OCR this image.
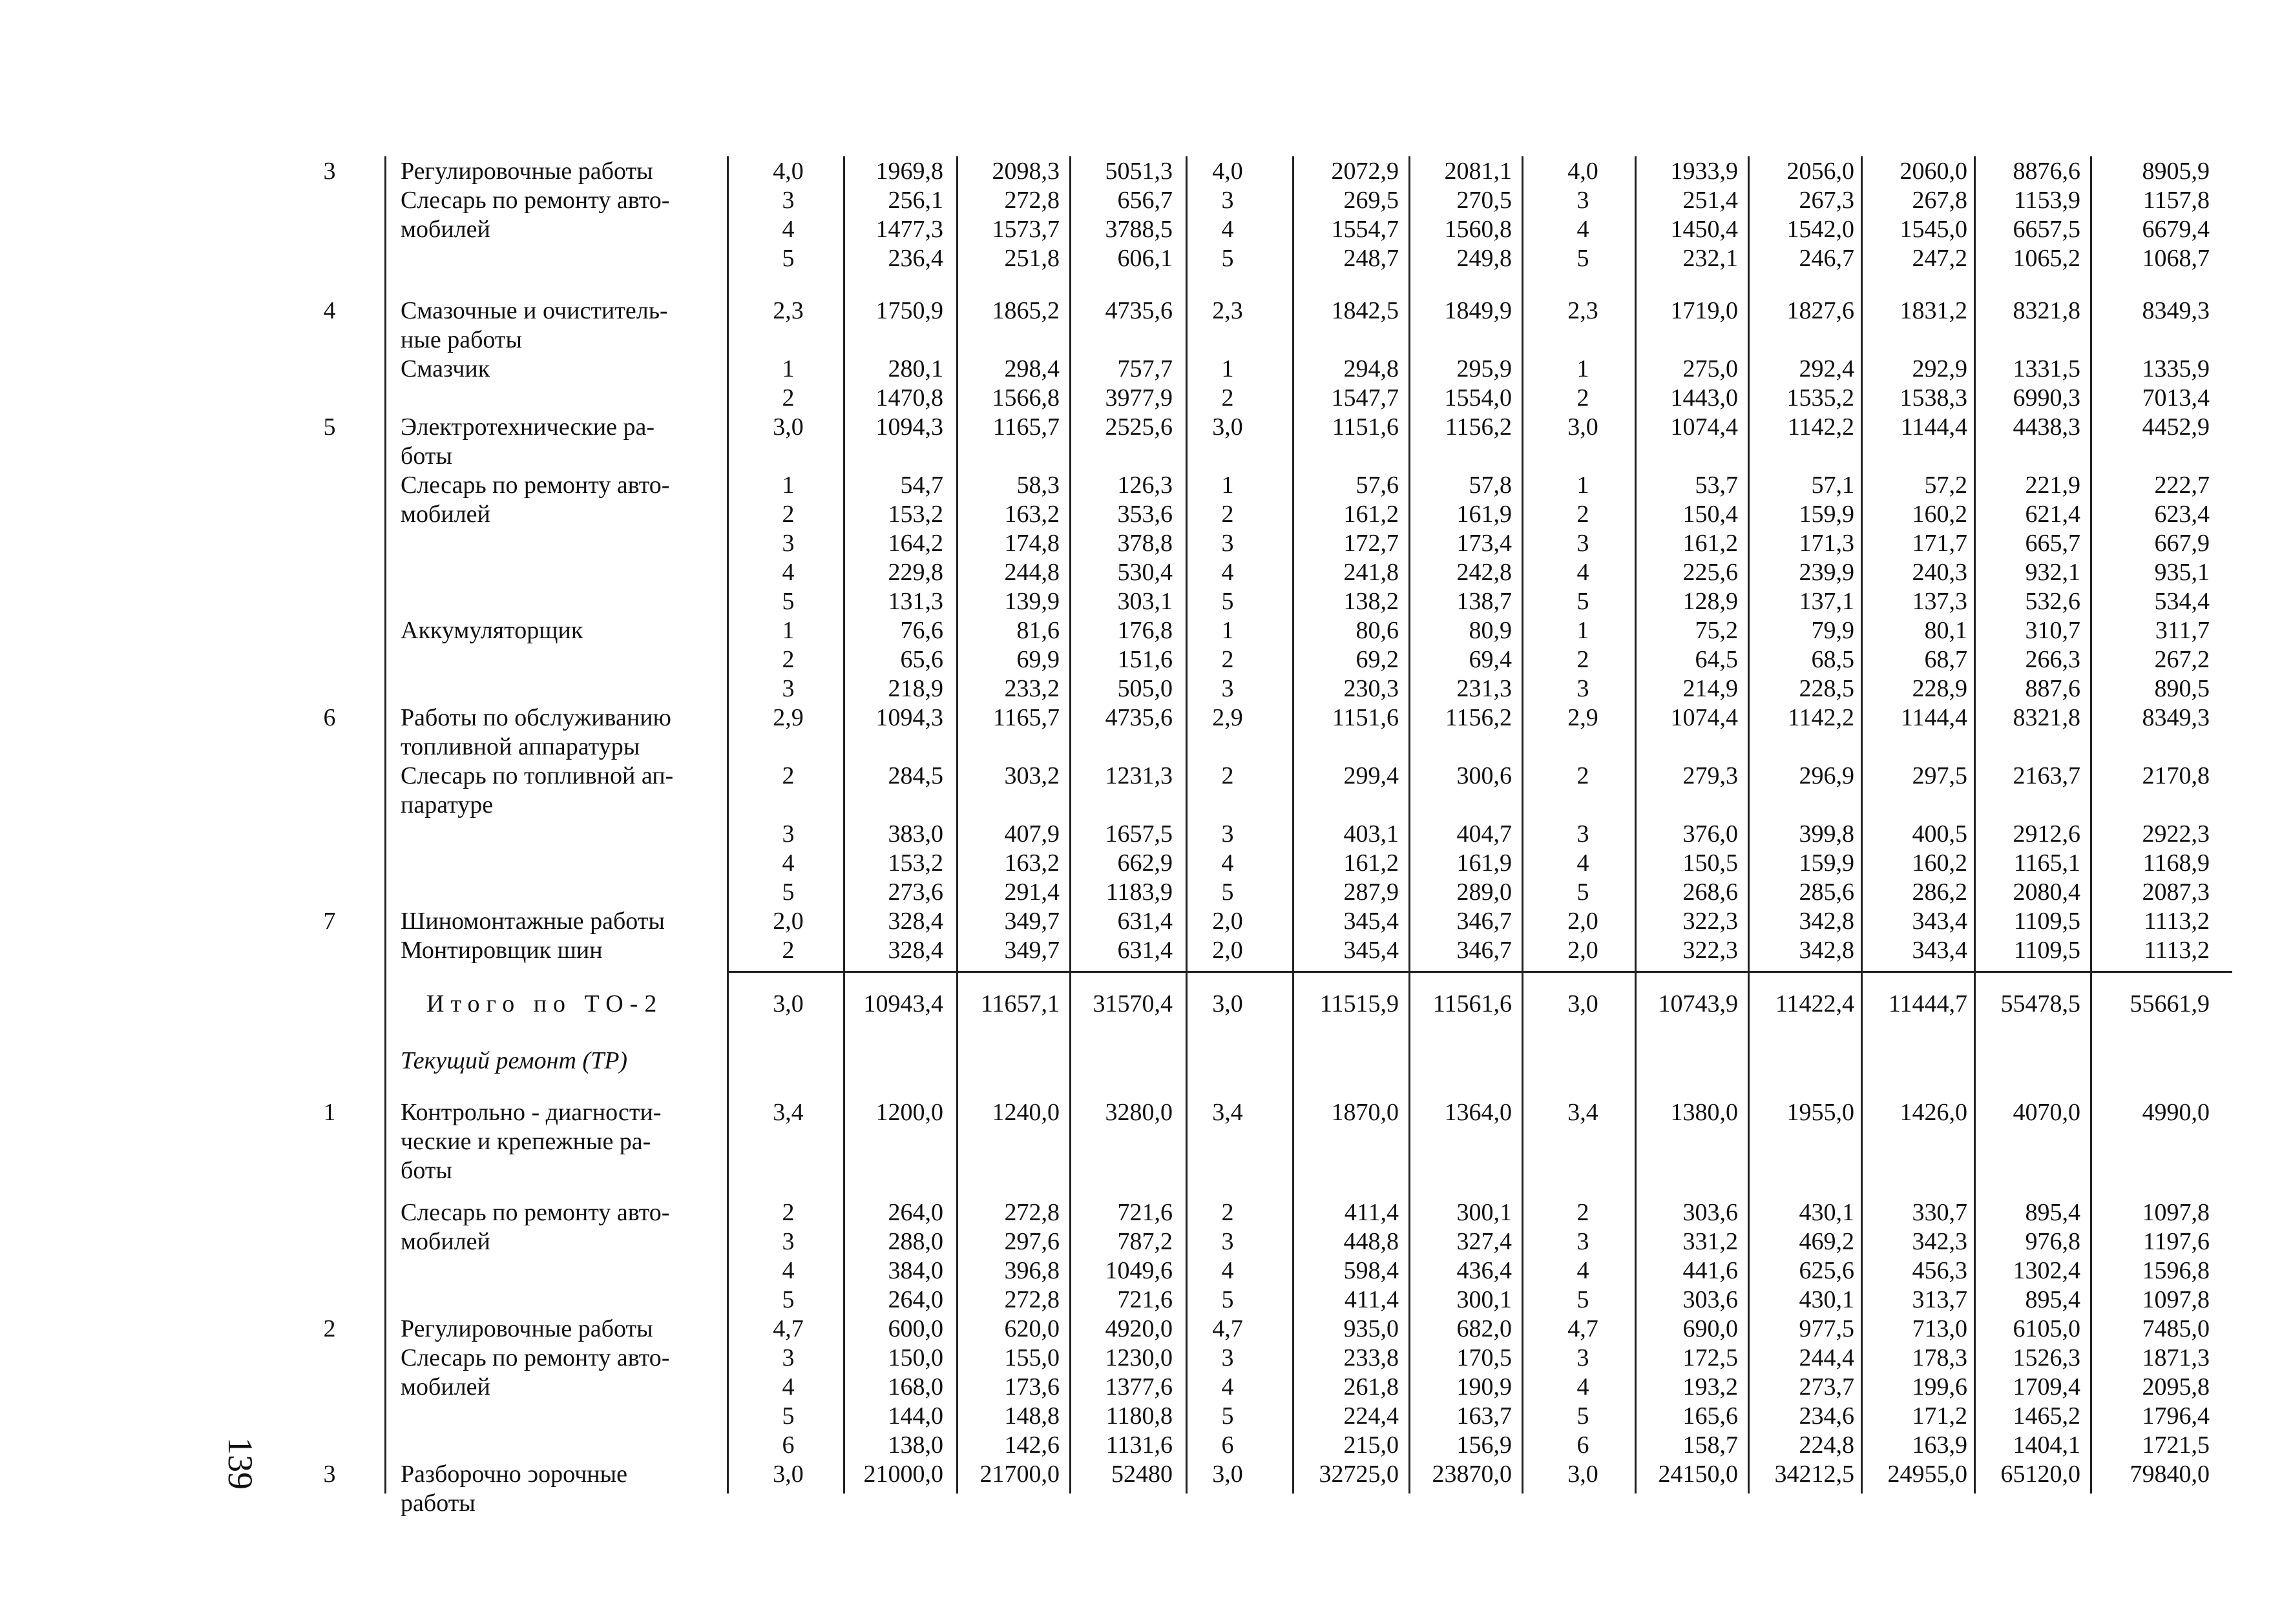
3	Регулировочные работы	4,0	1969,8	2098,3	5051,3	4,0	2072,9	2081,1	4,0	1933,9	2056,0	2060,0	8876,6	8905,9
Слесарь по ремонту авто-	3	256,1	272,8	656,7	3	269,5	270,5	3	251,4	267,3	267,8	1153,9	1157,8
мобилей	4	1477,3	1573,7	3788,5	4	1554,7	1560,8	4	1450,4	1542,0	1545,0	6657,5	6679,4
5	236,4	251,8	606,1	5	248,7	249,8	5	232,1	246,7	247,2	1065,2	1068,7
4	Смазочные и очиститель-	2,3	1750,9	1865,2	4735,6	2,3	1842,5	1849,9	2,3	1719,0	1827,6	1831,2	8321,8	8349,3
ные работы
Смазчик	1	280,1	298,4	757,7	1	294,8	295,9	1	275,0	292,4	292,9	1331,5	1335,9
2	1470,8	1566,8	3977,9	2	1547,7	1554,0	2	1443,0	1535,2	1538,3	6990,3	7013,4
5	Электротехнические ра-	3,0	1094,3	1165,7	2525,6	3,0	1151,6	1156,2	3,0	1074,4	1142,2	1144,4	4438,3	4452,9
боты
Слесарь по ремонту авто-	1	54,7	58,3	126,3	1	57,6	57,8	1	53,7	57,1	57,2	221,9	222,7
мобилей	2	153,2	163,2	353,6	2	161,2	161,9	2	150,4	159,9	160,2	621,4	623,4
3	164,2	174,8	378,8	3	172,7	173,4	3	161,2	171,3	171,7	665,7	667,9
4	229,8	244,8	530,4	4	241,8	242,8	4	225,6	239,9	240,3	932,1	935,1
5	131,3	139,9	303,1	5	138,2	138,7	5	128,9	137,1	137,3	532,6	534,4
Аккумуляторщик	1	76,6	81,6	176,8	1	80,6	80,9	1	75,2	79,9	80,1	310,7	311,7
2	65,6	69,9	151,6	2	69,2	69,4	2	64,5	68,5	68,7	266,3	267,2
3	218,9	233,2	505,0	3	230,3	231,3	3	214,9	228,5	228,9	887,6	890,5
6	Работы по обслуживанию	2,9	1094,3	1165,7	4735,6	2,9	1151,6	1156,2	2,9	1074,4	1142,2	1144,4	8321,8	8349,3
топливной аппаратуры
Слесарь по топливной ап-	2	284,5	303,2	1231,3	2	299,4	300,6	2	279,3	296,9	297,5	2163,7	2170,8
паратуре
3	383,0	407,9	1657,5	3	403,1	404,7	3	376,0	399,8	400,5	2912,6	2922,3
4	153,2	163,2	662,9	4	161,2	161,9	4	150,5	159,9	160,2	1165,1	1168,9
5	273,6	291,4	1183,9	5	287,9	289,0	5	268,6	285,6	286,2	2080,4	2087,3
7	Шиномонтажные работы	2,0	328,4	349,7	631,4	2,0	345,4	346,7	2,0	322,3	342,8	343,4	1109,5	1113,2
Монтировщик шин	2	328,4	349,7	631,4	2,0	345,4	346,7	2,0	322,3	342,8	343,4	1109,5	1113,2
Итого по ТО-2	3,0	10943,4	11657,1	31570,4	3,0	11515,9	11561,6	3,0	10743,9	11422,4	11444,7	55478,5	55661,9
Текущий ремонт (ТР)
1	Контрольно - диагности-	3,4	1200,0	1240,0	3280,0	3,4	1870,0	1364,0	3,4	1380,0	1955,0	1426,0	4070,0	4990,0
ческие и крепежные ра-
боты
Слесарь по ремонту авто-	2	264,0	272,8	721,6	2	411,4	300,1	2	303,6	430,1	330,7	895,4	1097,8
мобилей	3	288,0	297,6	787,2	3	448,8	327,4	3	331,2	469,2	342,3	976,8	1197,6
4	384,0	396,8	1049,6	4	598,4	436,4	4	441,6	625,6	456,3	1302,4	1596,8
5	264,0	272,8	721,6	5	411,4	300,1	5	303,6	430,1	313,7	895,4	1097,8
2	Регулировочные работы	4,7	600,0	620,0	4920,0	4,7	935,0	682,0	4,7	690,0	977,5	713,0	6105,0	7485,0
Слесарь по ремонту авто-	3	150,0	155,0	1230,0	3	233,8	170,5	3	172,5	244,4	178,3	1526,3	1871,3
мобилей	4	168,0	173,6	1377,6	4	261,8	190,9	4	193,2	273,7	199,6	1709,4	2095,8
5	144,0	148,8	1180,8	5	224,4	163,7	5	165,6	234,6	171,2	1465,2	1796,4
6	138,0	142,6	1131,6	6	215,0	156,9	6	158,7	224,8	163,9	1404,1	1721,5
3	Разборочно ↄорочные	3,0	21000,0	21700,0	52480	3,0	32725,0	23870,0	3,0	24150,0	34212,5	24955,0	65120,0	79840,0
работы
139
